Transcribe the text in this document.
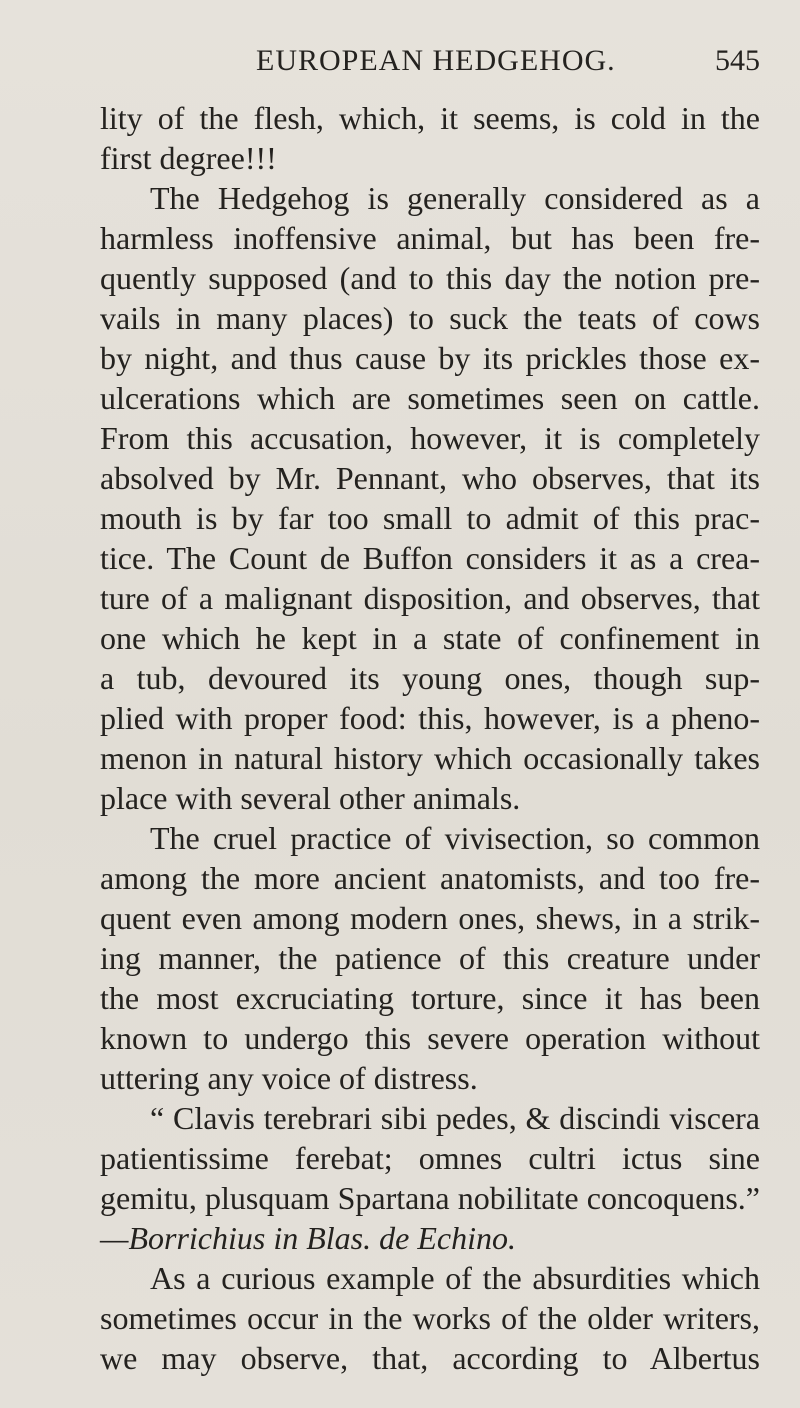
EUROPEAN HEDGEHOG.	545
lity of the flesh, which, it seems, is cold in the
first degree!!!
The Hedgehog is generally considered as a
harmless inoffensive animal, but has been fre-
quently supposed (and to this day the notion pre-
vails in many places) to suck the teats of cows
by night, and thus cause by its prickles those ex-
ulcerations which are sometimes seen on cattle.
From this accusation, however, it is completely
absolved by Mr. Pennant, who observes, that its
mouth is by far too small to admit of this prac-
tice. The Count de Buffon considers it as a crea-
ture of a malignant disposition, and observes, that
one which he kept in a state of confinement in
a tub, devoured its young ones, though sup-
plied with proper food: this, however, is a pheno-
menon in natural history which occasionally takes
place with several other animals.
The cruel practice of vivisection, so common
among the more ancient anatomists, and too fre-
quent even among modern ones, shews, in a strik-
ing manner, the patience of this creature under
the most excruciating torture, since it has been
known to undergo this severe operation without
uttering any voice of distress.
“ Clavis terebrari sibi pedes, & discindi viscera
patientissime ferebat; omnes cultri ictus sine
gemitu, plusquam Spartana nobilitate concoquens.”
—Borrichius in Blas. de Echino.
As a curious example of the absurdities which
sometimes occur in the works of the older writers,
we may observe, that, according to Albertus
